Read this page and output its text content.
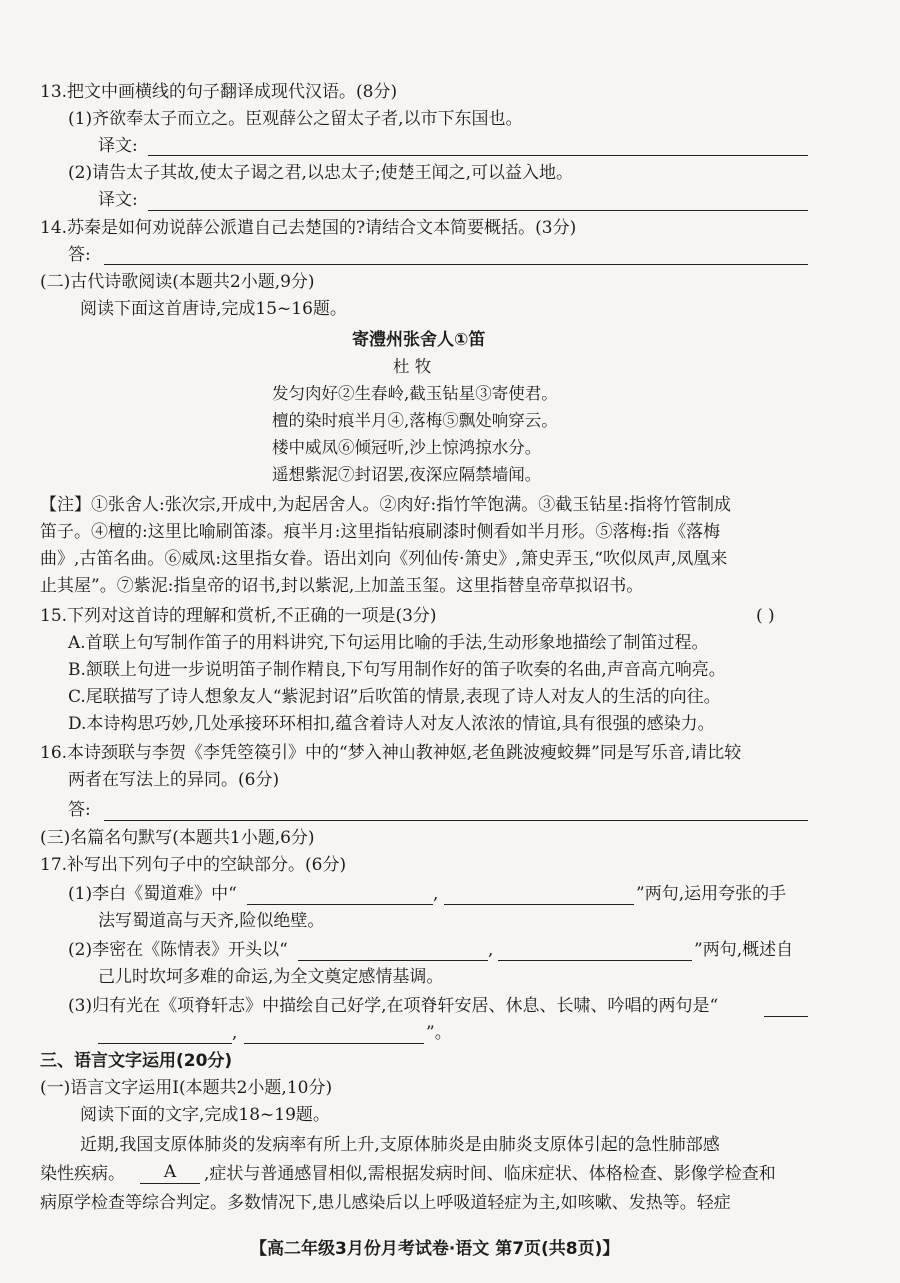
13.把文中画横线的句子翻译成现代汉语。(8分)
(1)齐欲奉太子而立之。臣观薛公之留太子者,以市下东国也。
译文:
(2)请告太子其故,使太子谒之君,以忠太子;使楚王闻之,可以益入地。
译文:
14.苏秦是如何劝说薛公派遣自己去楚国的?请结合文本简要概括。(3分)
答:
(二)古代诗歌阅读(本题共2小题,9分)
阅读下面这首唐诗,完成15~16题。
寄澧州张舍人①笛
杜 牧
发匀肉好②生春岭,截玉钻星③寄使君。
檀的染时痕半月④,落梅⑤飘处响穿云。
楼中威凤⑥倾冠听,沙上惊鸿掠水分。
遥想紫泥⑦封诏罢,夜深应隔禁墙闻。
【注】①张舍人:张次宗,开成中,为起居舍人。②肉好:指竹竿饱满。③截玉钻星:指将竹管制成
笛子。④檀的:这里比喻刷笛漆。痕半月:这里指钻痕刷漆时侧看如半月形。⑤落梅:指《落梅
曲》,古笛名曲。⑥威凤:这里指女眷。语出刘向《列仙传·箫史》,箫史弄玉,“吹似凤声,凤凰来
止其屋”。⑦紫泥:指皇帝的诏书,封以紫泥,上加盖玉玺。这里指替皇帝草拟诏书。
15.下列对这首诗的理解和赏析,不正确的一项是(3分)	( )
A.首联上句写制作笛子的用料讲究,下句运用比喻的手法,生动形象地描绘了制笛过程。
B.颔联上句进一步说明笛子制作精良,下句写用制作好的笛子吹奏的名曲,声音高亢响亮。
C.尾联描写了诗人想象友人“紫泥封诏”后吹笛的情景,表现了诗人对友人的生活的向往。
D.本诗构思巧妙,几处承接环环相扣,蕴含着诗人对友人浓浓的情谊,具有很强的感染力。
16.本诗颈联与李贺《李凭箜篌引》中的“梦入神山教神妪,老鱼跳波瘦蛟舞”同是写乐音,请比较
两者在写法上的异同。(6分)
答:
(三)名篇名句默写(本题共1小题,6分)
17.补写出下列句子中的空缺部分。(6分)
(1)李白《蜀道难》中“	,	”两句,运用夸张的手
法写蜀道高与天齐,险似绝壁。
(2)李密在《陈情表》开头以“	,	”两句,概述自
己儿时坎坷多难的命运,为全文奠定感情基调。
(3)归有光在《项脊轩志》中描绘自己好学,在项脊轩安居、休息、长啸、吟唱的两句是“
,	”。
三、语言文字运用(20分)
(一)语言文字运用Ⅰ(本题共2小题,10分)
阅读下面的文字,完成18~19题。
近期,我国支原体肺炎的发病率有所上升,支原体肺炎是由肺炎支原体引起的急性肺部感
染性疾病。	A	,症状与普通感冒相似,需根据发病时间、临床症状、体格检查、影像学检查和
病原学检查等综合判定。多数情况下,患儿感染后以上呼吸道轻症为主,如咳嗽、发热等。轻症
【高二年级3月份月考试卷·语文 第7页(共8页)】
